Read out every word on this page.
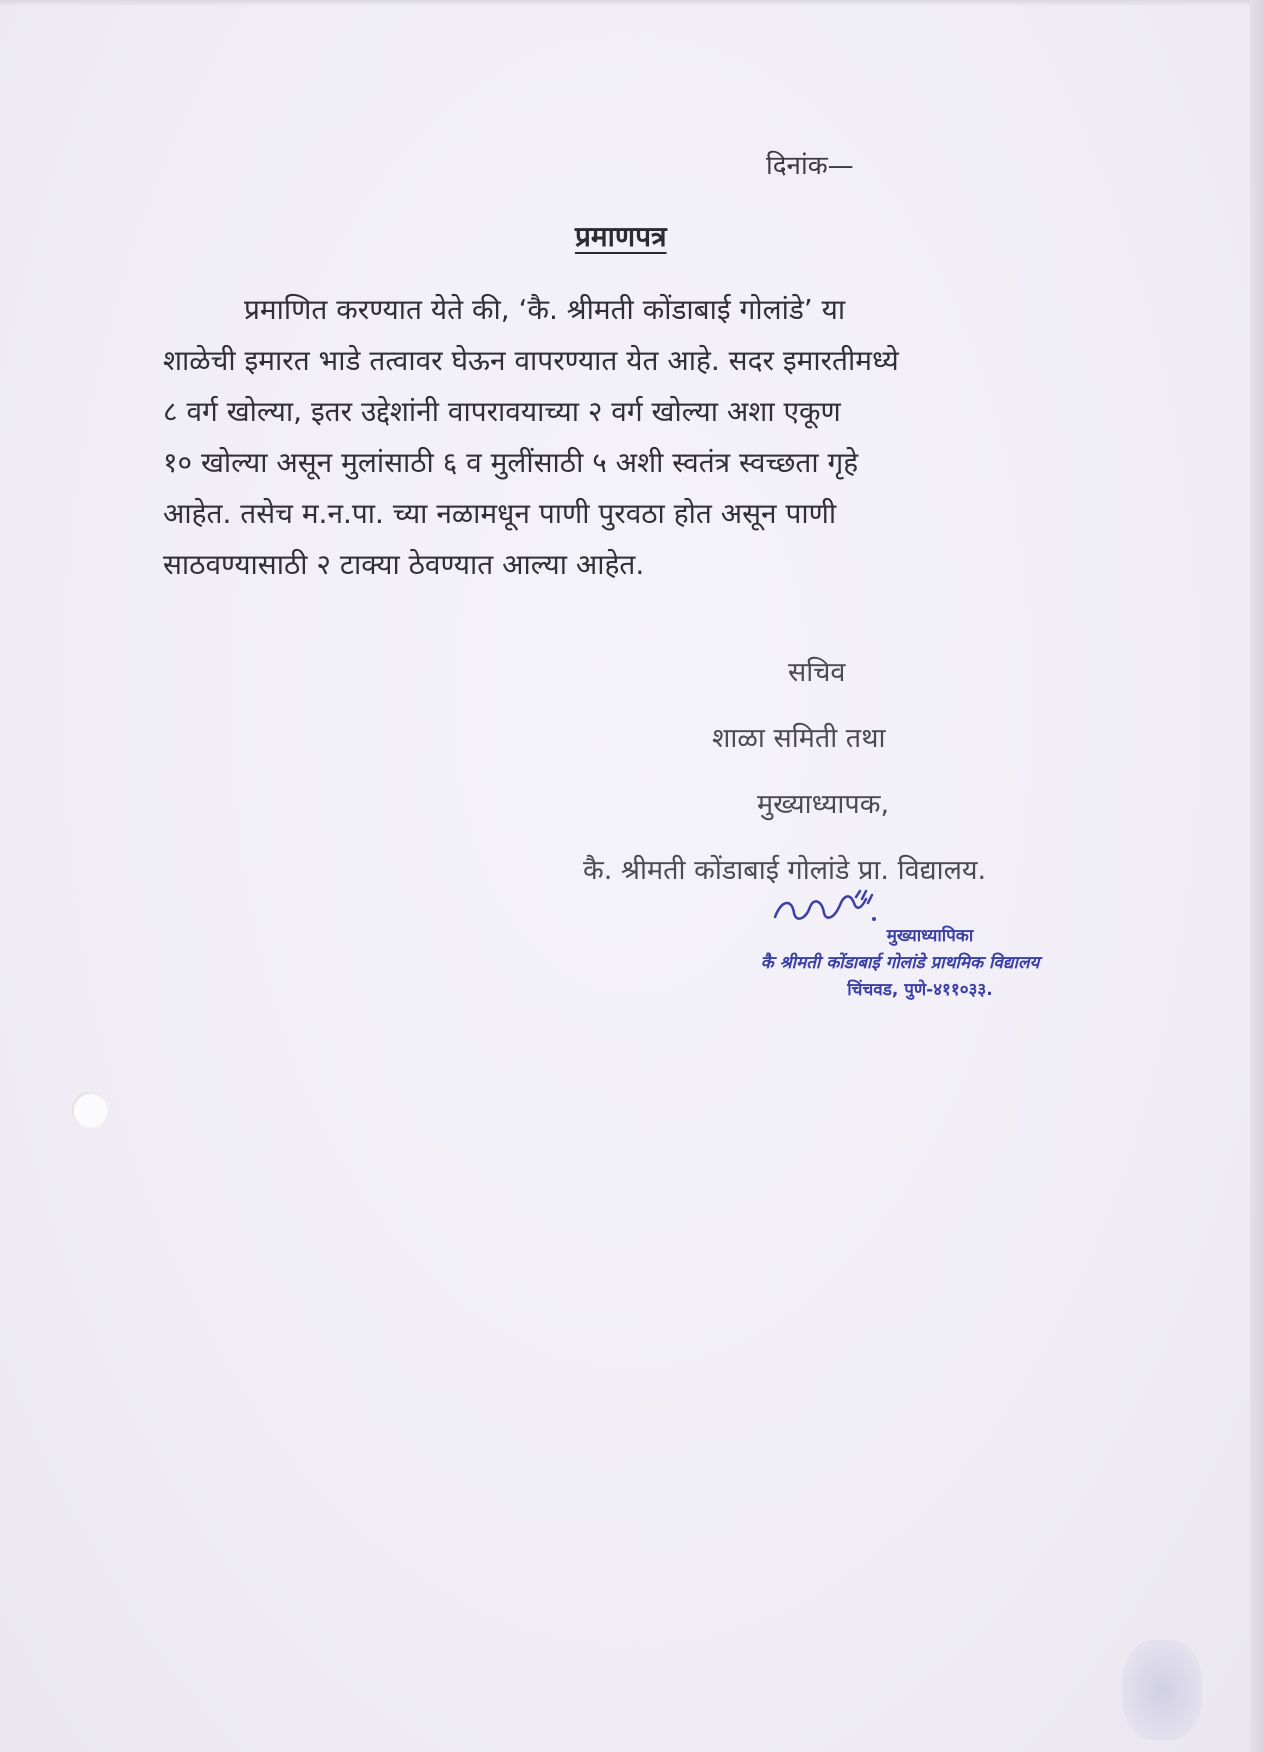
दिनांक—
प्रमाणपत्र
प्रमाणित करण्यात येते की, ‘कै. श्रीमती कोंडाबाई गोलांडे’ या
शाळेची इमारत भाडे तत्वावर घेऊन वापरण्यात येत आहे. सदर इमारतीमध्ये
८ वर्ग खोल्या, इतर उद्देशांनी वापरावयाच्या २ वर्ग खोल्या अशा एकूण
१० खोल्या असून मुलांसाठी ६ व मुलींसाठी ५ अशी स्वतंत्र स्वच्छता गृहे
आहेत. तसेच म.न.पा. च्या नळामधून पाणी पुरवठा होत असून पाणी
साठवण्यासाठी २ टाक्या ठेवण्यात आल्या आहेत.
सचिव
शाळा समिती तथा
मुख्याध्यापक,
कै. श्रीमती कोंडाबाई गोलांडे प्रा. विद्यालय.
मुख्याध्यापिका
कै श्रीमती कोंडाबाई गोलांडे प्राथमिक विद्यालय
चिंचवड, पुणे-४११०३३.
